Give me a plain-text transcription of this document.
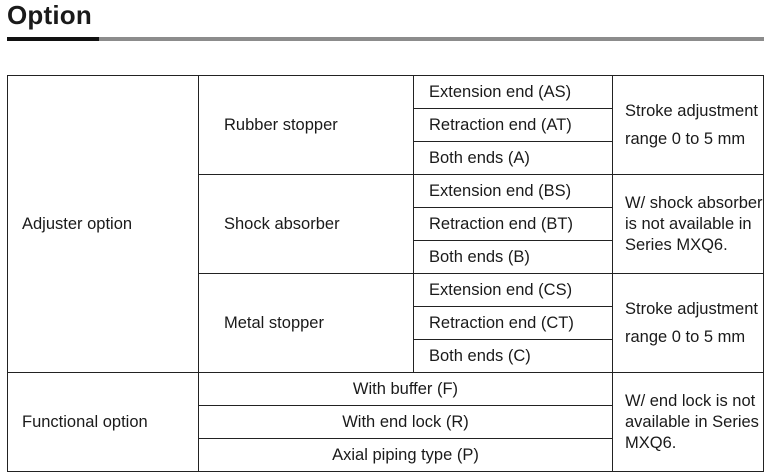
Option
Adjuster option	Rubber stopper	Extension end (AS)	Stroke adjustment
range 0 to 5 mm

		Retraction end (AT)	
		Both ends (A)	
	Shock absorber	Extension end (BS)	W/ shock absorber
is not available in
Series MXQ6.

		Retraction end (BT)	
		Both ends (B)	
	Metal stopper	Extension end (CS)	Stroke adjustment
range 0 to 5 mm

		Retraction end (CT)	
		Both ends (C)	
Functional option	With buffer (F)		W/ end lock is not
available in Series
MXQ6.

	With end lock (R)		
	Axial piping type (P)		
